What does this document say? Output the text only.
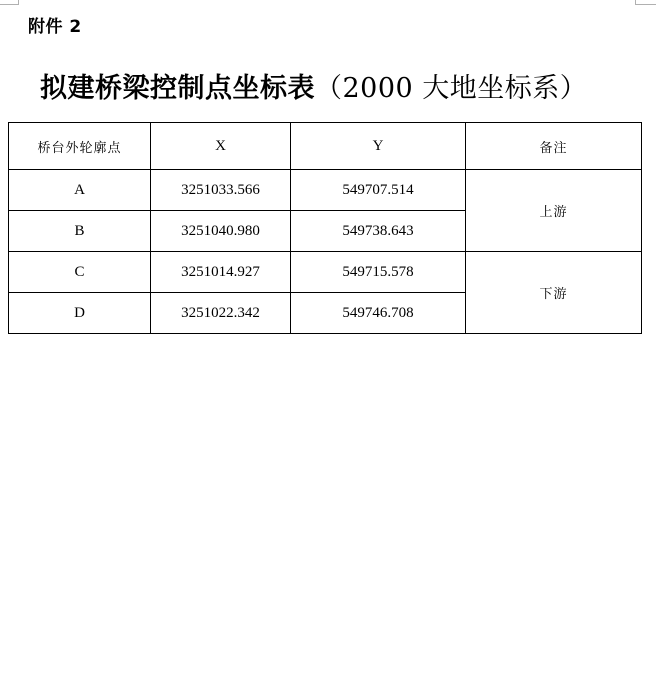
附件 2
拟建桥梁控制点坐标表（2000 大地坐标系）
桥台外轮廓点	X	Y	备注
A	3251033.566	549707.514	上游
B	3251040.980	549738.643	
C	3251014.927	549715.578	下游
D	3251022.342	549746.708	
